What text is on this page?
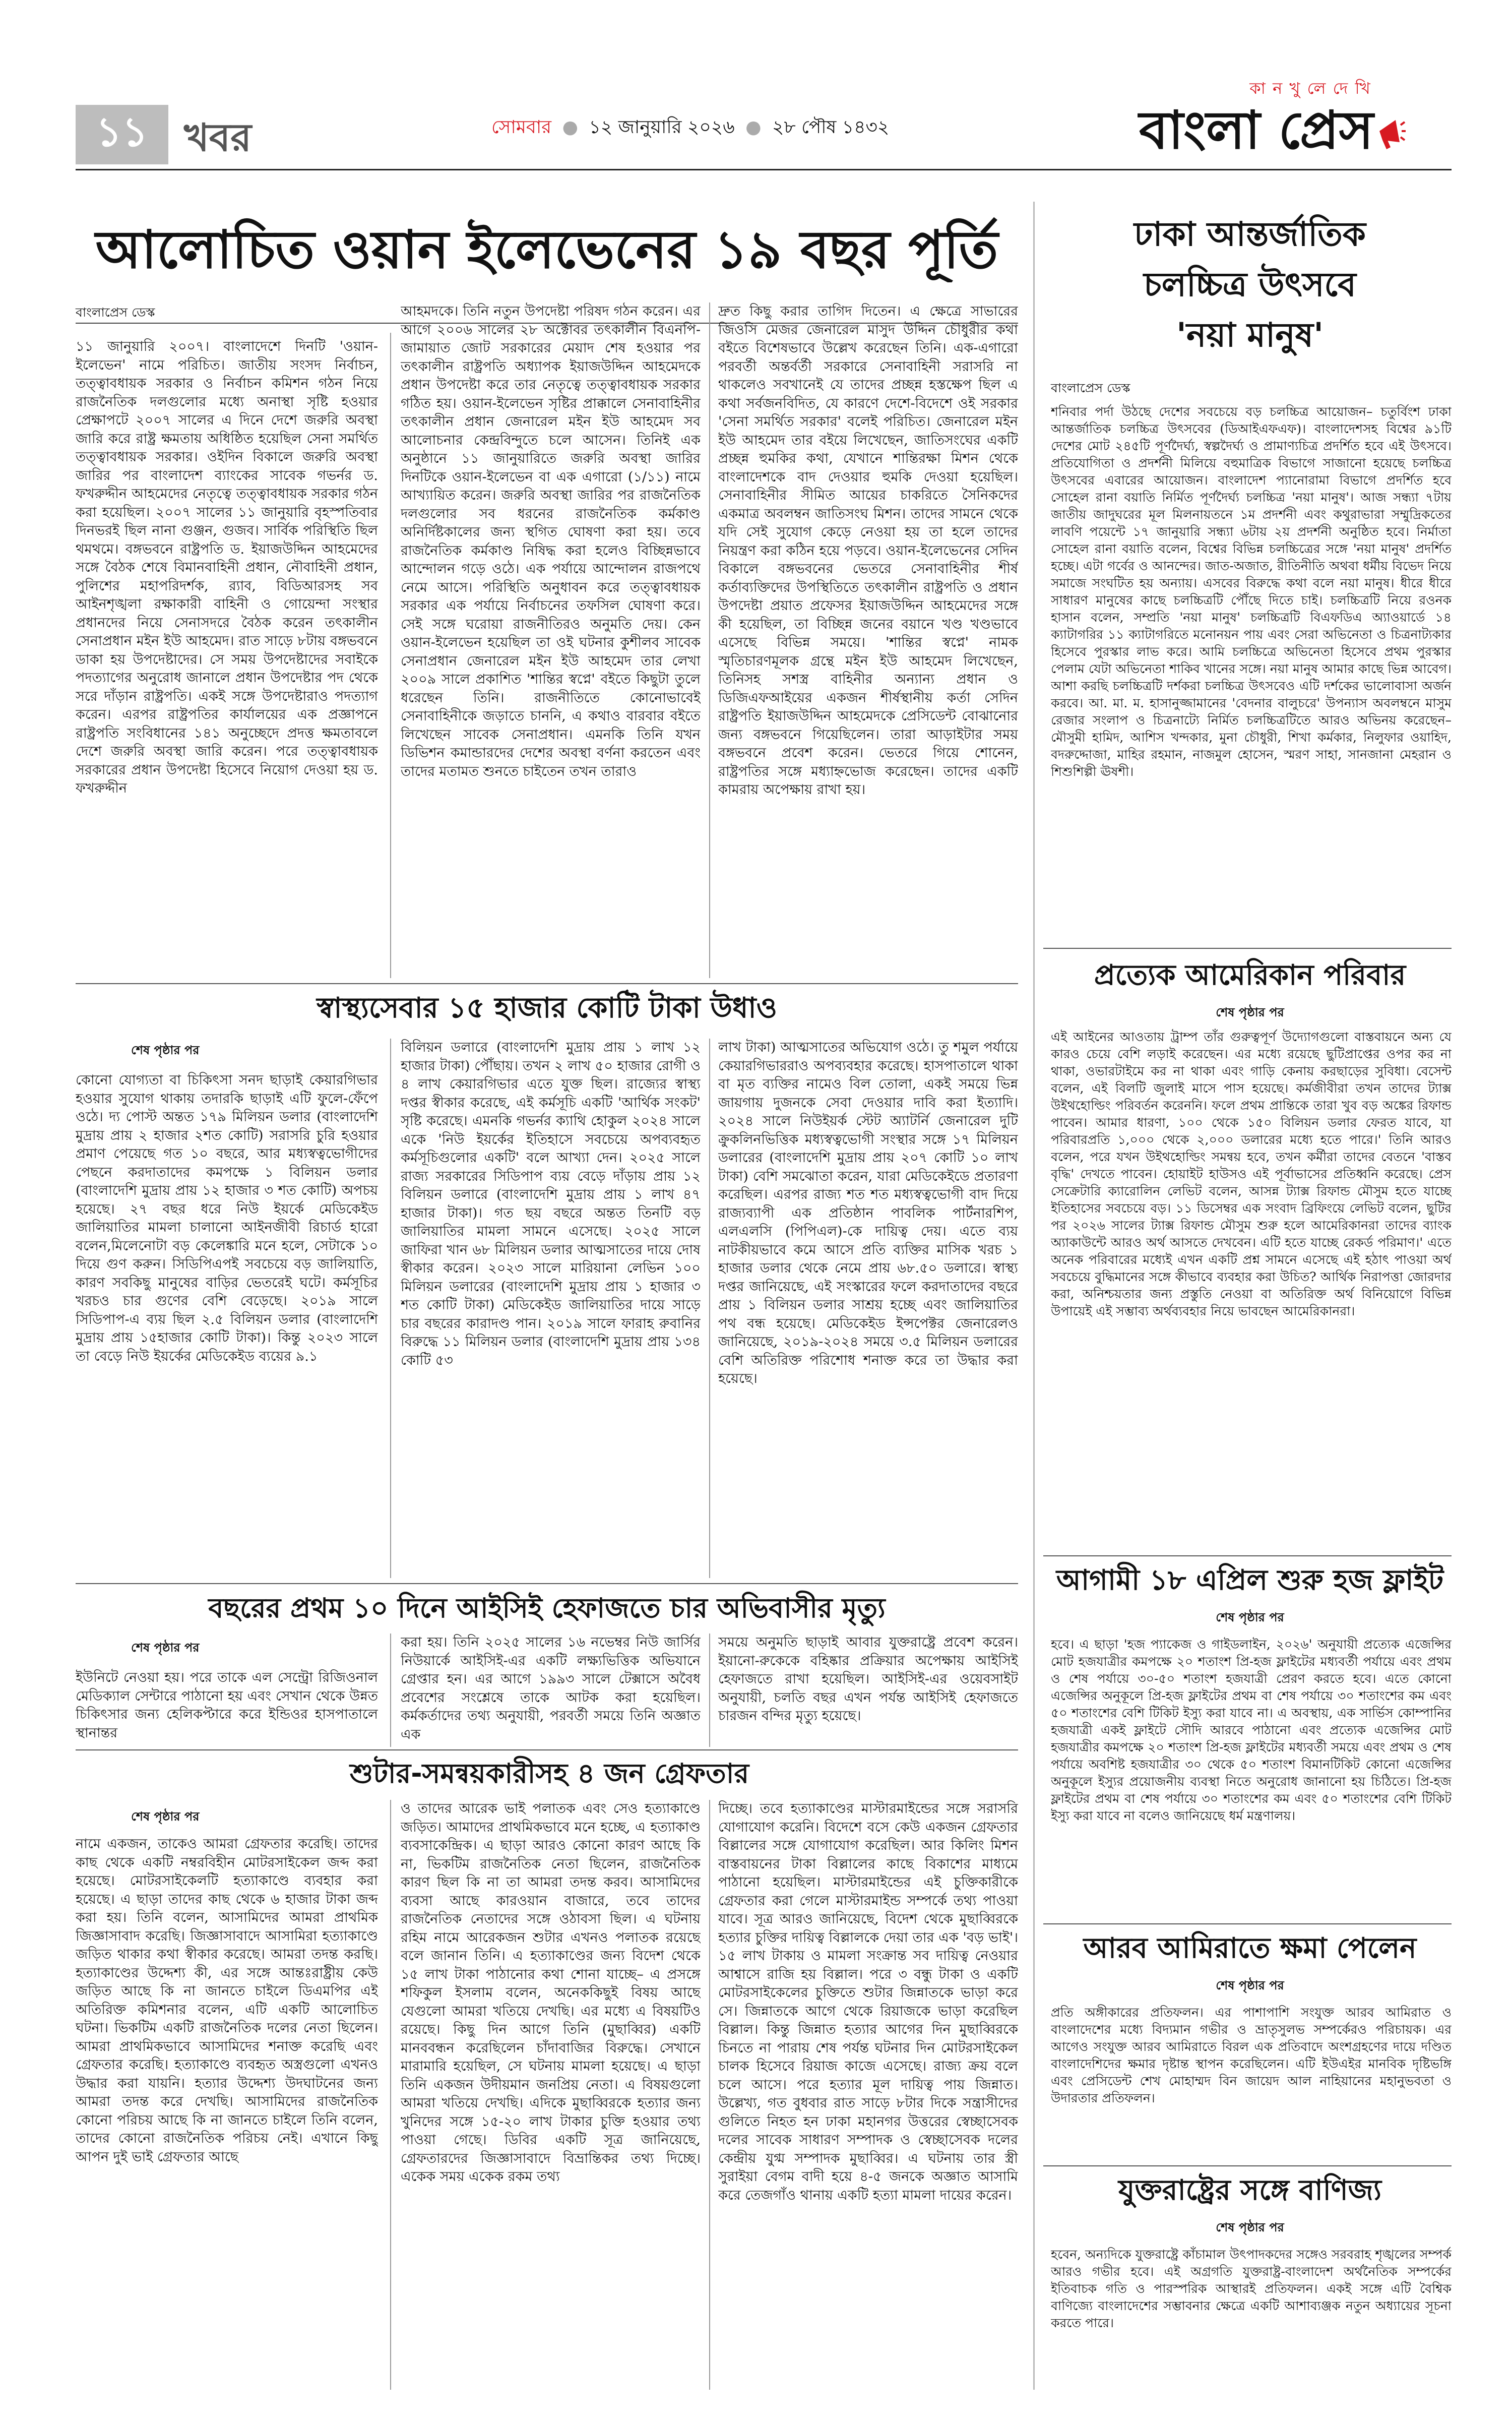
১১ খবর	সোমবার ● ১২ জানুয়ারি ২০২৬ ● ২৮ পৌষ ১৪৩২
কা ন খু লে দে খি
বাংলা প্রেস
আলোচিত ওয়ান ইলেভেনের ১৯ বছর পূর্তি
বাংলাপ্রেস ডেস্ক
১১ জানুয়ারি ২০০৭। বাংলাদেশে দিনটি 'ওয়ান-ইলেভেন' নামে পরিচিত। জাতীয় সংসদ নির্বাচন, তত্ত্বাবধায়ক সরকার ও নির্বাচন কমিশন গঠন নিয়ে রাজনৈতিক দলগুলোর মধ্যে অনাস্থা সৃষ্টি হওয়ার প্রেক্ষাপটে ২০০৭ সালের এ দিনে দেশে জরুরি অবস্থা জারি করে রাষ্ট্র ক্ষমতায় অধিষ্ঠিত হয়েছিল সেনা সমর্থিত তত্ত্বাবধায়ক সরকার। ওইদিন বিকালে জরুরি অবস্থা জারির পর বাংলাদেশ ব্যাংকের সাবেক গভর্নর ড. ফখরুদ্দীন আহমেদের নেতৃত্বে তত্ত্বাবধায়ক সরকার গঠন করা হয়েছিল। ২০০৭ সালের ১১ জানুয়ারি বৃহস্পতিবার দিনভরই ছিল নানা গুঞ্জন, গুজব। সার্বিক পরিস্থিতি ছিল থমথমে। বঙ্গভবনে রাষ্ট্রপতি ড. ইয়াজউদ্দিন আহমেদের সঙ্গে বৈঠক শেষে বিমানবাহিনী প্রধান, নৌবাহিনী প্রধান, পুলিশের মহাপরিদর্শক, র‌্যাব, বিডিআরসহ সব আইনশৃঙ্খলা রক্ষাকারী বাহিনী ও গোয়েন্দা সংস্থার প্রধানদের নিয়ে সেনাসদরে বৈঠক করেন তৎকালীন সেনাপ্রধান মইন ইউ আহমেদ। রাত সাড়ে ৮টায় বঙ্গভবনে ডাকা হয় উপদেষ্টাদের। সে সময় উপদেষ্টাদের সবাইকে পদত্যাগের অনুরোধ জানালে প্রধান উপদেষ্টার পদ থেকে সরে দাঁড়ান রাষ্ট্রপতি। একই সঙ্গে উপদেষ্টারাও পদত্যাগ করেন। এরপর রাষ্ট্রপতির কার্যালয়ের এক প্রজ্ঞাপনে রাষ্ট্রপতি সংবিধানের ১৪১ অনুচ্ছেদে প্রদত্ত ক্ষমতাবলে দেশে জরুরি অবস্থা জারি করেন। পরে তত্ত্বাবধায়ক সরকারের প্রধান উপদেষ্টা হিসেবে নিয়োগ দেওয়া হয় ড. ফখরুদ্দীন
আহমদকে। তিনি নতুন উপদেষ্টা পরিষদ গঠন করেন। এর আগে ২০০৬ সালের ২৮ অক্টোবর তৎকালীন বিএনপি-জামায়াত জোট সরকারের মেয়াদ শেষ হওয়ার পর তৎকালীন রাষ্ট্রপতি অধ্যাপক ইয়াজউদ্দিন আহমেদকে প্রধান উপদেষ্টা করে তার নেতৃত্বে তত্ত্বাবধায়ক সরকার গঠিত হয়। ওয়ান-ইলেভেন সৃষ্টির প্রাক্কালে সেনাবাহিনীর তৎকালীন প্রধান জেনারেল মইন ইউ আহমেদ সব আলোচনার কেন্দ্রবিন্দুতে চলে আসেন। তিনিই এক অনুষ্ঠানে ১১ জানুয়ারিতে জরুরি অবস্থা জারির দিনটিকে ওয়ান-ইলেভেন বা এক এগারো (১/১১) নামে আখ্যায়িত করেন। জরুরি অবস্থা জারির পর রাজনৈতিক দলগুলোর সব ধরনের রাজনৈতিক কর্মকাণ্ড অনির্দিষ্টকালের জন্য স্থগিত ঘোষণা করা হয়। তবে রাজনৈতিক কর্মকাণ্ড নিষিদ্ধ করা হলেও বিচ্ছিন্নভাবে আন্দোলন গড়ে ওঠে। এক পর্যায়ে আন্দোলন রাজপথে নেমে আসে। পরিস্থিতি অনুধাবন করে তত্ত্বাবধায়ক সরকার এক পর্যায়ে নির্বাচনের তফসিল ঘোষণা করে। সেই সঙ্গে ঘরোয়া রাজনীতিরও অনুমতি দেয়। কেন ওয়ান-ইলেভেন হয়েছিল তা ওই ঘটনার কুশীলব সাবেক সেনাপ্রধান জেনারেল মইন ইউ আহমেদ তার লেখা ২০০৯ সালে প্রকাশিত 'শান্তির স্বপ্নে' বইতে কিছুটা তুলে ধরেছেন তিনি। রাজনীতিতে কোনোভাবেই সেনাবাহিনীকে জড়াতে চাননি, এ কথাও বারবার বইতে লিখেছেন সাবেক সেনাপ্রধান। এমনকি তিনি যখন ডিভিশন কমান্ডারদের দেশের অবস্থা বর্ণনা করতেন এবং তাদের মতামত শুনতে চাইতেন তখন তারাও
দ্রুত কিছু করার তাগিদ দিতেন। এ ক্ষেত্রে সাভারের জিওসি মেজর জেনারেল মাসুদ উদ্দিন চৌধুরীর কথা বইতে বিশেষভাবে উল্লেখ করেছেন তিনি। এক-এগারো পরবর্তী অন্তর্বর্তী সরকারে সেনাবাহিনী সরাসরি না থাকলেও সবখানেই যে তাদের প্রচ্ছন্ন হস্তক্ষেপ ছিল এ কথা সর্বজনবিদিত, যে কারণে দেশে-বিদেশে ওই সরকার 'সেনা সমর্থিত সরকার' বলেই পরিচিত। জেনারেল মইন ইউ আহমেদ তার বইয়ে লিখেছেন, জাতিসংঘের একটি প্রচ্ছন্ন হুমকির কথা, যেখানে শান্তিরক্ষা মিশন থেকে বাংলাদেশকে বাদ দেওয়ার হুমকি দেওয়া হয়েছিল। সেনাবাহিনীর সীমিত আয়ের চাকরিতে সৈনিকদের একমাত্র অবলম্বন জাতিসংঘ মিশন। তাদের সামনে থেকে যদি সেই সুযোগ কেড়ে নেওয়া হয় তা হলে তাদের নিয়ন্ত্রণ করা কঠিন হয়ে পড়বে। ওয়ান-ইলেভেনের সেদিন বিকালে বঙ্গভবনের ভেতরে সেনাবাহিনীর শীর্ষ কর্তাব্যক্তিদের উপস্থিতিতে তৎকালীন রাষ্ট্রপতি ও প্রধান উপদেষ্টা প্রয়াত প্রফেসর ইয়াজউদ্দিন আহমেদের সঙ্গে কী হয়েছিল, তা বিচ্ছিন্ন জনের বয়ানে খণ্ড খণ্ডভাবে এসেছে বিভিন্ন সময়ে। 'শান্তির স্বপ্নে' নামক স্মৃতিচারণমূলক গ্রন্থে মইন ইউ আহমেদ লিখেছেন, তিনিসহ সশস্ত্র বাহিনীর অন্যান্য প্রধান ও ডিজিএফআইয়ের একজন শীর্ষস্থানীয় কর্তা সেদিন রাষ্ট্রপতি ইয়াজউদ্দিন আহমেদকে প্রেসিডেন্ট বোঝানোর জন্য বঙ্গভবনে গিয়েছিলেন। তারা আড়াইটার সময় বঙ্গভবনে প্রবেশ করেন। ভেতরে গিয়ে শোনেন, রাষ্ট্রপতির সঙ্গে মধ্যাহ্নভোজ করেছেন। তাদের একটি কামরায় অপেক্ষায় রাখা হয়।
ঢাকা আন্তর্জাতিক
চলচ্চিত্র উৎসবে
'নয়া মানুষ'
বাংলাপ্রেস ডেস্ক
শনিবার পর্দা উঠছে দেশের সবচেয়ে বড় চলচ্চিত্র আয়োজন– চতুর্বিংশ ঢাকা আন্তর্জাতিক চলচ্চিত্র উৎসবের (ডিআইএফএফ)। বাংলাদেশসহ বিশ্বের ৯১টি দেশের মোট ২৪৫টি পূর্ণদৈর্ঘ্য, স্বল্পদৈর্ঘ্য ও প্রামাণ্যচিত্র প্রদর্শিত হবে এই উৎসবে। প্রতিযোগিতা ও প্রদর্শনী মিলিয়ে বহুমাত্রিক বিভাগে সাজানো হয়েছে চলচ্চিত্র উৎসবের এবারের আয়োজন। বাংলাদেশ প্যানোরামা বিভাগে প্রদর্শিত হবে সোহেল রানা বয়াতি নির্মিত পূর্ণদৈর্ঘ্য চলচ্চিত্র 'নয়া মানুষ'। আজ সন্ধ্যা ৭টায় জাতীয় জাদুঘরের মূল মিলনায়তনে ১ম প্রদর্শনী এবং কথুরাভারা সম্মুদ্রিকতের লাবণি পয়েন্টে ১৭ জানুয়ারি সন্ধ্যা ৬টায় ২য় প্রদর্শনী অনুষ্ঠিত হবে। নির্মাতা সোহেল রানা বয়াতি বলেন, বিশ্বের বিভিন্ন চলচ্চিত্রের সঙ্গে 'নয়া মানুষ' প্রদর্শিত হচ্ছে। এটা গর্বের ও আনন্দের। জাত-অজাত, রীতিনীতি অথবা ধর্মীয় বিভেদ নিয়ে সমাজে সংঘটিত হয় অন্যায়। এসবের বিরুদ্ধে কথা বলে নয়া মানুষ। ধীরে ধীরে সাধারণ মানুষের কাছে চলচ্চিত্রটি পৌঁছে দিতে চাই। চলচ্চিত্রটি নিয়ে রওনক হাসান বলেন, সম্প্রতি 'নয়া মানুষ' চলচ্চিত্রটি বিএফডিএ অ্যাওয়ার্ডে ১৪ ক্যাটাগরির ১১ ক্যাটাগরিতে মনোনয়ন পায় এবং সেরা অভিনেতা ও চিত্রনাট্যকার হিসেবে পুরস্কার লাভ করে। আমি চলচ্চিত্রে অভিনেতা হিসেবে প্রথম পুরস্কার পেলাম যেটা অভিনেতা শাকিব খানের সঙ্গে। নয়া মানুষ আমার কাছে ভিন্ন আবেগ। আশা করছি চলচ্চিত্রটি দর্শকরা চলচ্চিত্র উৎসবেও এটি দর্শকের ভালোবাসা অর্জন করবে। আ. মা. ম. হাসানুজ্জামানের 'বেদনার বালুচরে' উপন্যাস অবলম্বনে মাসুম রেজার সংলাপ ও চিত্রনাট্যে নির্মিত চলচ্চিত্রটিতে আরও অভিনয় করেছেন– মৌসুমী হামিদ, আশিস খন্দকার, মুনা চৌধুরী, শিখা কর্মকার, নিলুফার ওয়াহিদ, বদরুদ্দোজা, মাহির রহমান, নাজমুল হোসেন, স্মরণ সাহা, সানজানা মেহরান ও শিশুশিল্পী ঊষশী।
প্রত্যেক আমেরিকান পরিবার
শেষ পৃষ্ঠার পর
এই আইনের আওতায় ট্রাম্প তাঁর গুরুত্বপূর্ণ উদ্যোগগুলো বাস্তবায়নে অন্য যে কারও চেয়ে বেশি লড়াই করেছেন। এর মধ্যে রয়েছে ছুটিপ্রাপ্তের ওপর কর না থাকা, ওভারটাইমে কর না থাকা এবং গাড়ি কেনায় করছাড়ের সুবিধা। বেসেন্ট বলেন, এই বিলটি জুলাই মাসে পাস হয়েছে। কর্মজীবীরা তখন তাদের ট্যাক্স উইথহোল্ডিং পরিবর্তন করেননি। ফলে প্রথম প্রান্তিকে তারা খুব বড় অঙ্কের রিফান্ড পাবেন। আমার ধারণা, ১০০ থেকে ১৫০ বিলিয়ন ডলার ফেরত যাবে, যা পরিবারপ্রতি ১,০০০ থেকে ২,০০০ ডলারের মধ্যে হতে পারে।' তিনি আরও বলেন, পরে যখন উইথহোল্ডিং সমন্বয় হবে, তখন কর্মীরা তাদের বেতনে 'বাস্তব বৃদ্ধি' দেখতে পাবেন। হোয়াইট হাউসও এই পূর্বাভাসের প্রতিধ্বনি করেছে। প্রেস সেক্রেটারি ক্যারোলিন লেভিট বলেন, আসন্ন ট্যাক্স রিফান্ড মৌসুম হতে যাচ্ছে ইতিহাসের সবচেয়ে বড়। ১১ ডিসেম্বর এক সংবাদ ব্রিফিংয়ে লেভিট বলেন, ছুটির পর ২০২৬ সালের ট্যাক্স রিফান্ড মৌসুম শুরু হলে আমেরিকানরা তাদের ব্যাংক অ্যাকাউন্টে আরও অর্থ আসতে দেখবেন। এটি হতে যাচ্ছে রেকর্ড পরিমাণ।' এতে অনেক পরিবারের মধ্যেই এখন একটি প্রশ্ন সামনে এসেছে এই হঠাৎ পাওয়া অর্থ সবচেয়ে বুদ্ধিমানের সঙ্গে কীভাবে ব্যবহার করা উচিত? আর্থিক নিরাপত্তা জোরদার করা, অনিশ্চয়তার জন্য প্রস্তুতি নেওয়া বা অতিরিক্ত অর্থ বিনিয়োগে বিভিন্ন উপায়েই এই সম্ভাব্য অর্থব্যবহার নিয়ে ভাবছেন আমেরিকানরা।
আগামী ১৮ এপ্রিল শুরু হজ ফ্লাইট
শেষ পৃষ্ঠার পর
হবে। এ ছাড়া 'হজ প্যাকেজ ও গাইডলাইন, ২০২৬' অনুযায়ী প্রত্যেক এজেন্সির মোট হজযাত্রীর কমপক্ষে ২০ শতাংশ প্রি-হজ ফ্লাইটের মধ্যবর্তী পর্যায়ে এবং প্রথম ও শেষ পর্যায়ে ৩০-৫০ শতাংশ হজযাত্রী প্রেরণ করতে হবে। এতে কোনো এজেন্সির অনুকূলে প্রি-হজ ফ্লাইটের প্রথম বা শেষ পর্যায়ে ৩০ শতাংশের কম এবং ৫০ শতাংশের বেশি টিকিট ইস্যু করা যাবে না। এ অবস্থায়, এক সার্ভিস কোম্পানির হজযাত্রী একই ফ্লাইটে সৌদি আরবে পাঠানো এবং প্রত্যেক এজেন্সির মোট হজযাত্রীর কমপক্ষে ২০ শতাংশ প্রি-হজ ফ্লাইটের মধ্যবর্তী সময়ে এবং প্রথম ও শেষ পর্যায়ে অবশিষ্ট হজযাত্রীর ৩০ থেকে ৫০ শতাংশ বিমানটিকিট কোনো এজেন্সির অনুকূলে ইস্যুর প্রয়োজনীয় ব্যবস্থা নিতে অনুরোধ জানানো হয় চিঠিতে। প্রি-হজ ফ্লাইটের প্রথম বা শেষ পর্যায়ে ৩০ শতাংশের কম এবং ৫০ শতাংশের বেশি টিকিট ইস্যু করা যাবে না বলেও জানিয়েছে ধর্ম মন্ত্রণালয়।
আরব আমিরাতে ক্ষমা পেলেন
শেষ পৃষ্ঠার পর
প্রতি অঙ্গীকারের প্রতিফলন। এর পাশাপাশি সংযুক্ত আরব আমিরাত ও বাংলাদেশের মধ্যে বিদ্যমান গভীর ও ভ্রাতৃসুলভ সম্পর্কেরও পরিচায়ক। এর আগেও সংযুক্ত আরব আমিরাতে বিরল এক প্রতিবাদে অংশগ্রহণের দায়ে দণ্ডিত বাংলাদেশিদের ক্ষমার দৃষ্টান্ত স্থাপন করেছিলেন। এটি ইউএইর মানবিক দৃষ্টিভঙ্গি এবং প্রেসিডেন্ট শেখ মোহাম্মদ বিন জায়েদ আল নাহিয়ানের মহানুভবতা ও উদারতার প্রতিফলন।
যুক্তরাষ্ট্রের সঙ্গে বাণিজ্য
শেষ পৃষ্ঠার পর
হবেন, অন্যদিকে যুক্তরাষ্ট্রে কাঁচামাল উৎপাদকদের সঙ্গেও সরবরাহ শৃঙ্খলের সম্পর্ক আরও গভীর হবে। এই অগ্রগতি যুক্তরাষ্ট্র-বাংলাদেশ অর্থনৈতিক সম্পর্কের ইতিবাচক গতি ও পারস্পরিক আস্থারই প্রতিফলন। একই সঙ্গে এটি বৈশ্বিক বাণিজ্যে বাংলাদেশের সম্ভাবনার ক্ষেত্রে একটি আশাব্যঞ্জক নতুন অধ্যায়ের সূচনা করতে পারে।
স্বাস্থ্যসেবার ১৫ হাজার কোটি টাকা উধাও
শেষ পৃষ্ঠার পর
কোনো যোগ্যতা বা চিকিৎসা সনদ ছাড়াই কেয়ারগিভার হওয়ার সুযোগ থাকায় তদারকি ছাড়াই এটি ফুলে-ফেঁপে ওঠে। দ্য পোস্ট অন্তত ১৭৯ মিলিয়ন ডলার (বাংলাদেশি মুদ্রায় প্রায় ২ হাজার ২শত কোটি) সরাসরি চুরি হওয়ার প্রমাণ পেয়েছে গত ১০ বছরে, আর মধ্যস্বত্বভোগীদের পেছনে করদাতাদের কমপক্ষে ১ বিলিয়ন ডলার (বাংলাদেশি মুদ্রায় প্রায় ১২ হাজার ৩ শত কোটি) অপচয় হয়েছে। ২৭ বছর ধরে নিউ ইয়র্কে মেডিকেইড জালিয়াতির মামলা চালানো আইনজীবী রিচার্ড হারো বলেন,মিলেনোটা বড় কেলেঙ্কারি মনে হলে, সেটাকে ১০ দিয়ে গুণ করুন। সিডিপিএপই সবচেয়ে বড় জালিয়াতি, কারণ সবকিছু মানুষের বাড়ির ভেতরেই ঘটে। কর্মসূচির খরচও চার গুণের বেশি বেড়েছে। ২০১৯ সালে সিডিপাপ-এ ব্যয় ছিল ২.৫ বিলিয়ন ডলার (বাংলাদেশি মুদ্রায় প্রায় ১৫হাজার কোটি টাকা)। কিন্তু ২০২৩ সালে তা বেড়ে নিউ ইয়র্কের মেডিকেইড ব্যয়ের ৯.১
বিলিয়ন ডলারে (বাংলাদেশি মুদ্রায় প্রায় ১ লাখ ১২ হাজার টাকা) পৌঁছায়। তখন ২ লাখ ৫০ হাজার রোগী ও ৪ লাখ কেয়ারগিভার এতে যুক্ত ছিল। রাজ্যের স্বাস্থ্য দপ্তর স্বীকার করেছে, এই কর্মসূচি একটি 'আর্থিক সংকট' সৃষ্টি করেছে। এমনকি গভর্নর ক্যাথি হোকুল ২০২৪ সালে একে 'নিউ ইয়র্কের ইতিহাসে সবচেয়ে অপব্যবহৃত কর্মসূচিগুলোর একটি' বলে আখ্যা দেন। ২০২৫ সালে রাজ্য সরকারের সিডিপাপ ব্যয় বেড়ে দাঁড়ায় প্রায় ১২ বিলিয়ন ডলারে (বাংলাদেশি মুদ্রায় প্রায় ১ লাখ ৪৭ হাজার টাকা)। গত ছয় বছরে অন্তত তিনটি বড় জালিয়াতির মামলা সামনে এসেছে। ২০২৫ সালে জাফিরা খান ৬৮ মিলিয়ন ডলার আত্মসাতের দায়ে দোষ স্বীকার করেন। ২০২৩ সালে মারিয়ানা লেভিন ১০০ মিলিয়ন ডলারের (বাংলাদেশি মুদ্রায় প্রায় ১ হাজার ৩ শত কোটি টাকা) মেডিকেইড জালিয়াতির দায়ে সাড়ে চার বছরের কারাদণ্ড পান। ২০১৯ সালে ফারাহ রুবানির বিরুদ্ধে ১১ মিলিয়ন ডলার (বাংলাদেশি মুদ্রায় প্রায় ১৩৪ কোটি ৫৩
লাখ টাকা) আত্মসাতের অভিযোগ ওঠে। তু শমুল পর্যায়ে কেয়ারগিভাররাও অপব্যবহার করেছে। হাসপাতালে থাকা বা মৃত ব্যক্তির নামেও বিল তোলা, একই সময়ে ভিন্ন জায়গায় দুজনকে সেবা দেওয়ার দাবি করা ইত্যাদি। ২০২৪ সালে নিউইয়র্ক স্টেট অ্যাটর্নি জেনারেল দুটি ক্রুকলিনভিত্তিক মধ্যস্বত্বভোগী সংস্থার সঙ্গে ১৭ মিলিয়ন ডলারের (বাংলাদেশি মুদ্রায় প্রায় ২০৭ কোটি ১০ লাখ টাকা) বেশি সমঝোতা করেন, যারা মেডিকেইডে প্রতারণা করেছিল। এরপর রাজ্য শত শত মধ্যস্বত্বভোগী বাদ দিয়ে রাজ্যব্যাপী এক প্রতিষ্ঠান পাবলিক পার্টনারশিপ, এলএলসি (পিপিএল)-কে দায়িত্ব দেয়। এতে ব্যয় নাটকীয়ভাবে কমে আসে প্রতি ব্যক্তির মাসিক খরচ ১ হাজার ডলার থেকে নেমে প্রায় ৬৮.৫০ ডলারে। স্বাস্থ্য দপ্তর জানিয়েছে, এই সংস্কারের ফলে করদাতাদের বছরে প্রায় ১ বিলিয়ন ডলার সাশ্রয় হচ্ছে এবং জালিয়াতির পথ বন্ধ হয়েছে। মেডিকেইড ইন্সপেক্টর জেনারেলও জানিয়েছে, ২০১৯-২০২৪ সময়ে ৩.৫ মিলিয়ন ডলারের বেশি অতিরিক্ত পরিশোধ শনাক্ত করে তা উদ্ধার করা হয়েছে।
বছরের প্রথম ১০ দিনে আইসিই হেফাজতে চার অভিবাসীর মৃত্যু
শেষ পৃষ্ঠার পর
ইউনিটে নেওয়া হয়। পরে তাকে এল সেন্ট্রো রিজিওনাল মেডিক্যাল সেন্টারে পাঠানো হয় এবং সেখান থেকে উন্নত চিকিৎসার জন্য হেলিকপ্টারে করে ইন্ডিওর হাসপাতালে স্থানান্তর
করা হয়। তিনি ২০২৫ সালের ১৬ নভেম্বর নিউ জার্সির নিউয়ার্কে আইসিই-এর একটি লক্ষ্যভিত্তিক অভিযানে গ্রেপ্তার হন। এর আগে ১৯৯৩ সালে টেক্সাসে অবৈধ প্রবেশের সংশ্লেষে তাকে আটক করা হয়েছিল। কর্মকর্তাদের তথ্য অনুযায়ী, পরবর্তী সময়ে তিনি অজ্ঞাত এক
সময়ে অনুমতি ছাড়াই আবার যুক্তরাষ্ট্রে প্রবেশ করেন। ইয়ানো-রুকেকে বহিষ্কার প্রক্রিয়ার অপেক্ষায় আইসিই হেফাজতে রাখা হয়েছিল। আইসিই-এর ওয়েবসাইট অনুযায়ী, চলতি বছর এখন পর্যন্ত আইসিই হেফাজতে চারজন বন্দির মৃত্যু হয়েছে।
শুটার-সমন্বয়কারীসহ ৪ জন গ্রেফতার
শেষ পৃষ্ঠার পর
নামে একজন, তাকেও আমরা গ্রেফতার করেছি। তাদের কাছ থেকে একটি নম্বরবিহীন মোটরসাইকেল জব্দ করা হয়েছে। মোটরসাইকেলটি হত্যাকাণ্ডে ব্যবহার করা হয়েছে। এ ছাড়া তাদের কাছ থেকে ৬ হাজার টাকা জব্দ করা হয়। তিনি বলেন, আসামিদের আমরা প্রাথমিক জিজ্ঞাসাবাদ করেছি। জিজ্ঞাসাবাদে আসামিরা হত্যাকাণ্ডে জড়িত থাকার কথা স্বীকার করেছে। আমরা তদন্ত করছি। হত্যাকাণ্ডের উদ্দেশ্য কী, এর সঙ্গে আন্তঃরাষ্ট্রীয় কেউ জড়িত আছে কি না জানতে চাইলে ডিএমপির এই অতিরিক্ত কমিশনার বলেন, এটি একটি আলোচিত ঘটনা। ভিকটিম একটি রাজনৈতিক দলের নেতা ছিলেন। আমরা প্রাথমিকভাবে আসামিদের শনাক্ত করেছি এবং গ্রেফতার করেছি। হত্যাকাণ্ডে ব্যবহৃত অস্ত্রগুলো এখনও উদ্ধার করা যায়নি। হত্যার উদ্দেশ্য উদঘাটনের জন্য আমরা তদন্ত করে দেখছি। আসামিদের রাজনৈতিক কোনো পরিচয় আছে কি না জানতে চাইলে তিনি বলেন, তাদের কোনো রাজনৈতিক পরিচয় নেই। এখানে কিছু আপন দুই ভাই গ্রেফতার আছে
ও তাদের আরেক ভাই পলাতক এবং সেও হত্যাকাণ্ডে জড়িত। আমাদের প্রাথমিকভাবে মনে হচ্ছে, এ হত্যাকাণ্ড ব্যবসাকেন্দ্রিক। এ ছাড়া আরও কোনো কারণ আছে কি না, ভিকটিম রাজনৈতিক নেতা ছিলেন, রাজনৈতিক কারণ ছিল কি না তা আমরা তদন্ত করব। আসামিদের ব্যবসা আছে কারওয়ান বাজারে, তবে তাদের রাজনৈতিক নেতাদের সঙ্গে ওঠাবসা ছিল। এ ঘটনায় রহিম নামে আরেকজন শুটার এখনও পলাতক রয়েছে বলে জানান তিনি। এ হত্যাকাণ্ডের জন্য বিদেশ থেকে ১৫ লাখ টাকা পাঠানোর কথা শোনা যাচ্ছে– এ প্রসঙ্গে শফিকুল ইসলাম বলেন, অনেককিছুই বিষয় আছে যেগুলো আমরা খতিয়ে দেখছি। এর মধ্যে এ বিষয়টিও রয়েছে। কিছু দিন আগে তিনি (মুছাব্বির) একটি মানববন্ধন করেছিলেন চাঁদাবাজির বিরুদ্ধে। সেখানে মারামারি হয়েছিল, সে ঘটনায় মামলা হয়েছে। এ ছাড়া তিনি একজন উদীয়মান জনপ্রিয় নেতা। এ বিষয়গুলো আমরা খতিয়ে দেখছি। এদিকে মুছাব্বিরকে হত্যার জন্য খুনিদের সঙ্গে ১৫-২০ লাখ টাকার চুক্তি হওয়ার তথ্য পাওয়া গেছে। ডিবির একটি সূত্র জানিয়েছে, গ্রেফতারদের জিজ্ঞাসাবাদে বিভ্রান্তিকর তথ্য দিচ্ছে। একেক সময় একেক রকম তথ্য
দিচ্ছে। তবে হত্যাকাণ্ডের মাস্টারমাইন্ডের সঙ্গে সরাসরি যোগাযোগ করেনি। বিদেশে বসে কেউ একজন গ্রেফতার বিল্লালের সঙ্গে যোগাযোগ করেছিল। আর কিলিং মিশন বাস্তবায়নের টাকা বিল্লালের কাছে বিকাশের মাধ্যমে পাঠানো হয়েছিল। মাস্টারমাইন্ডের এই চুক্তিকারীকে গ্রেফতার করা গেলে মাস্টারমাইন্ড সম্পর্কে তথ্য পাওয়া যাবে। সূত্র আরও জানিয়েছে, বিদেশ থেকে মুছাব্বিরকে হত্যার চুক্তির দায়িত্ব বিল্লালকে দেয়া তার এক 'বড় ভাই'। ১৫ লাখ টাকায় ও মামলা সংক্রান্ত সব দায়িত্ব নেওয়ার আশ্বাসে রাজি হয় বিল্লাল। পরে ৩ বন্ধু টাকা ও একটি মোটরসাইকেলের চুক্তিতে শুটার জিন্নাতকে ভাড়া করে সে। জিন্নাতকে আগে থেকে রিয়াজকে ভাড়া করেছিল বিল্লাল। কিন্তু জিন্নাত হত্যার আগের দিন মুছাব্বিরকে চিনতে না পারায় শেষ পর্যন্ত ঘটনার দিন মোটরসাইকেল চালক হিসেবে রিয়াজ কাজে এসেছে। রাজ্য ক্রয় বলে চলে আসে। পরে হত্যার মূল দায়িত্ব পায় জিন্নাত। উল্লেখ্য, গত বুধবার রাত সাড়ে ৮টার দিকে সন্ত্রাসীদের গুলিতে নিহত হন ঢাকা মহানগর উত্তরের স্বেচ্ছাসেবক দলের সাবেক সাধারণ সম্পাদক ও স্বেচ্ছাসেবক দলের কেন্দ্রীয় যুগ্ম সম্পাদক মুছাব্বির। এ ঘটনায় তার স্ত্রী সুরাইয়া বেগম বাদী হয়ে ৪-৫ জনকে অজ্ঞাত আসামি করে তেজগাঁও থানায় একটি হত্যা মামলা দায়ের করেন।
